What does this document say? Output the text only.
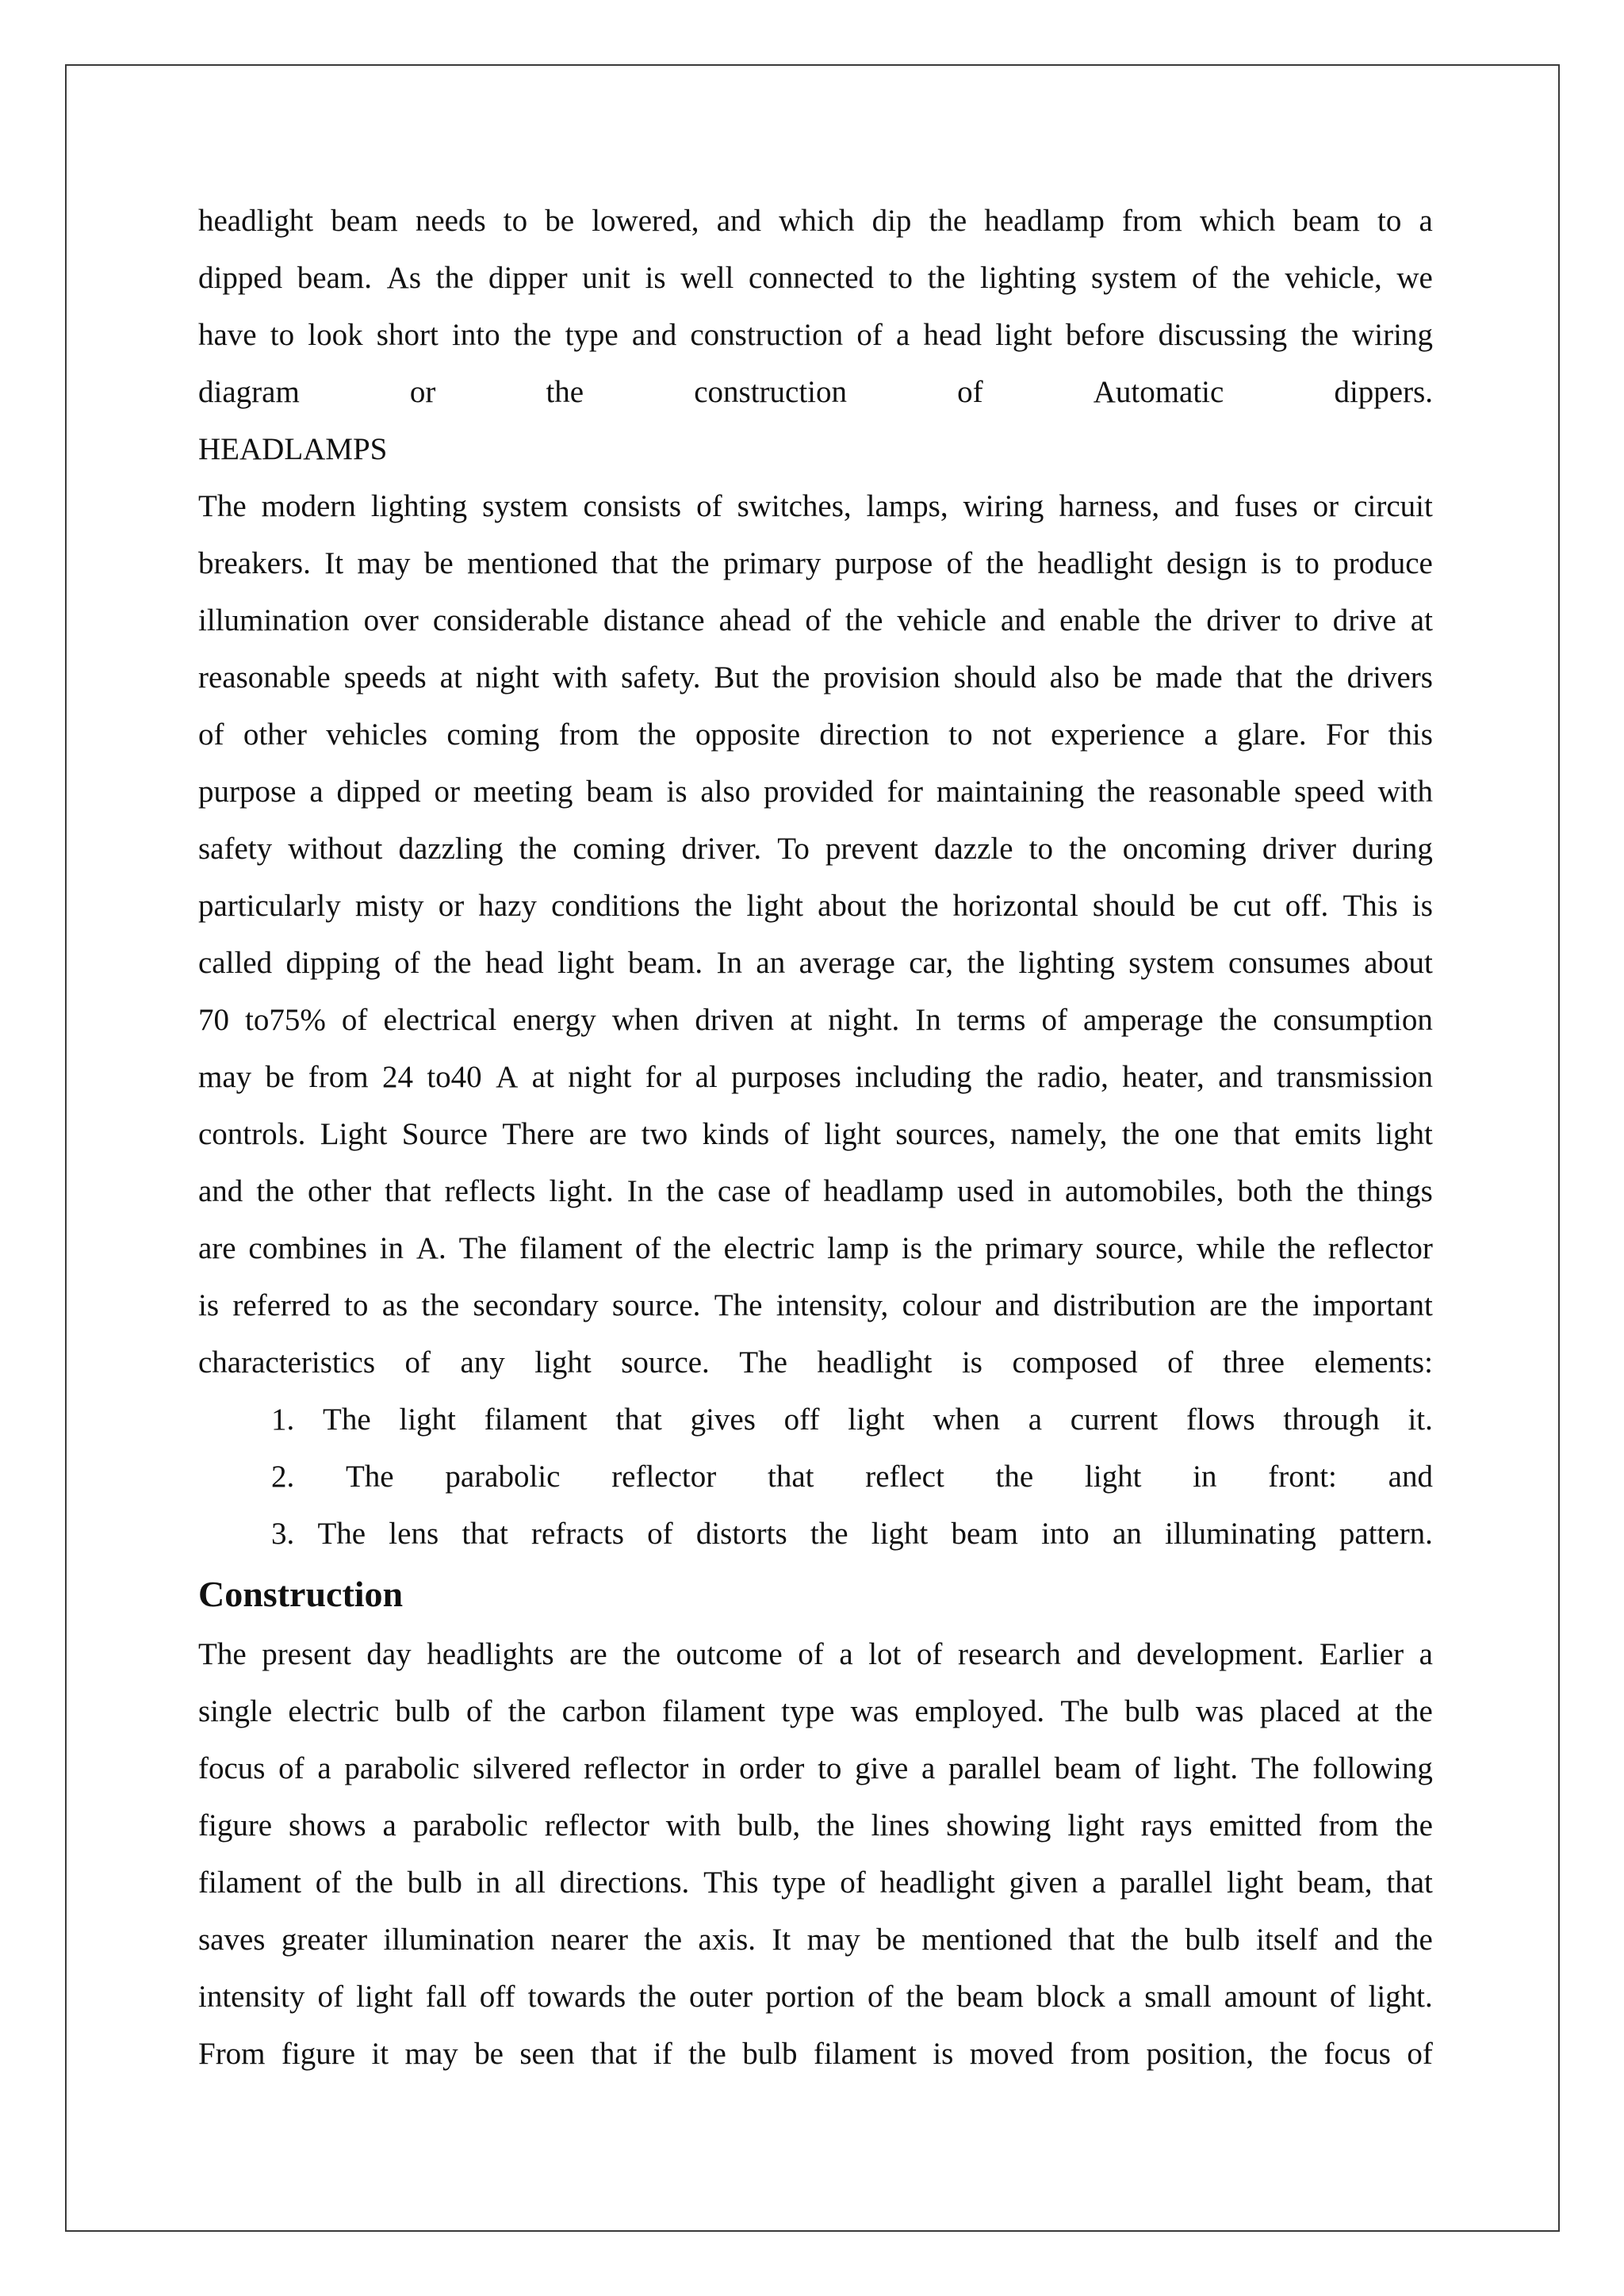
headlight beam needs to be lowered, and which dip the headlamp from which beam to a
dipped beam. As the dipper unit is well connected to the lighting system of the vehicle, we
have to look short into the type and construction of a head light before discussing the wiring
diagram	or	the	construction	of	Automatic	dippers.
HEADLAMPS
The modern lighting system consists of switches, lamps, wiring harness, and fuses or circuit
breakers. It may be mentioned that the primary purpose of the headlight design is to produce
illumination over considerable distance ahead of the vehicle and enable the driver to drive at
reasonable speeds at night with safety. But the provision should also be made that the drivers
of other vehicles coming from the opposite direction to not experience a glare. For this
purpose a dipped or meeting beam is also provided for maintaining the reasonable speed with
safety without dazzling the coming driver. To prevent dazzle to the oncoming driver during
particularly misty or hazy conditions the light about the horizontal should be cut off. This is
called dipping of the head light beam. In an average car, the lighting system consumes about
70 to75% of electrical energy when driven at night. In terms of amperage the consumption
may be from 24 to40 A at night for al purposes including the radio, heater, and transmission
controls. Light Source There are two kinds of light sources, namely, the one that emits light
and the other that reflects light. In the case of headlamp used in automobiles, both the things
are combines in A. The filament of the electric lamp is the primary source, while the reflector
is referred to as the secondary source. The intensity, colour and distribution are the important
characteristics of any light source. The headlight is composed of three elements:
1. The light filament that gives off light when a current flows through it.
2. The parabolic reflector that reflect the light in front: and
3. The lens that refracts of distorts the light beam into an illuminating pattern.
Construction
The present day headlights are the outcome of a lot of research and development. Earlier a
single electric bulb of the carbon filament type was employed. The bulb was placed at the
focus of a parabolic silvered reflector in order to give a parallel beam of light. The following
figure shows a parabolic reflector with bulb, the lines showing light rays emitted from the
filament of the bulb in all directions. This type of headlight given a parallel light beam, that
saves greater illumination nearer the axis. It may be mentioned that the bulb itself and the
intensity of light fall off towards the outer portion of the beam block a small amount of light.
From figure it may be seen that if the bulb filament is moved from position, the focus of
